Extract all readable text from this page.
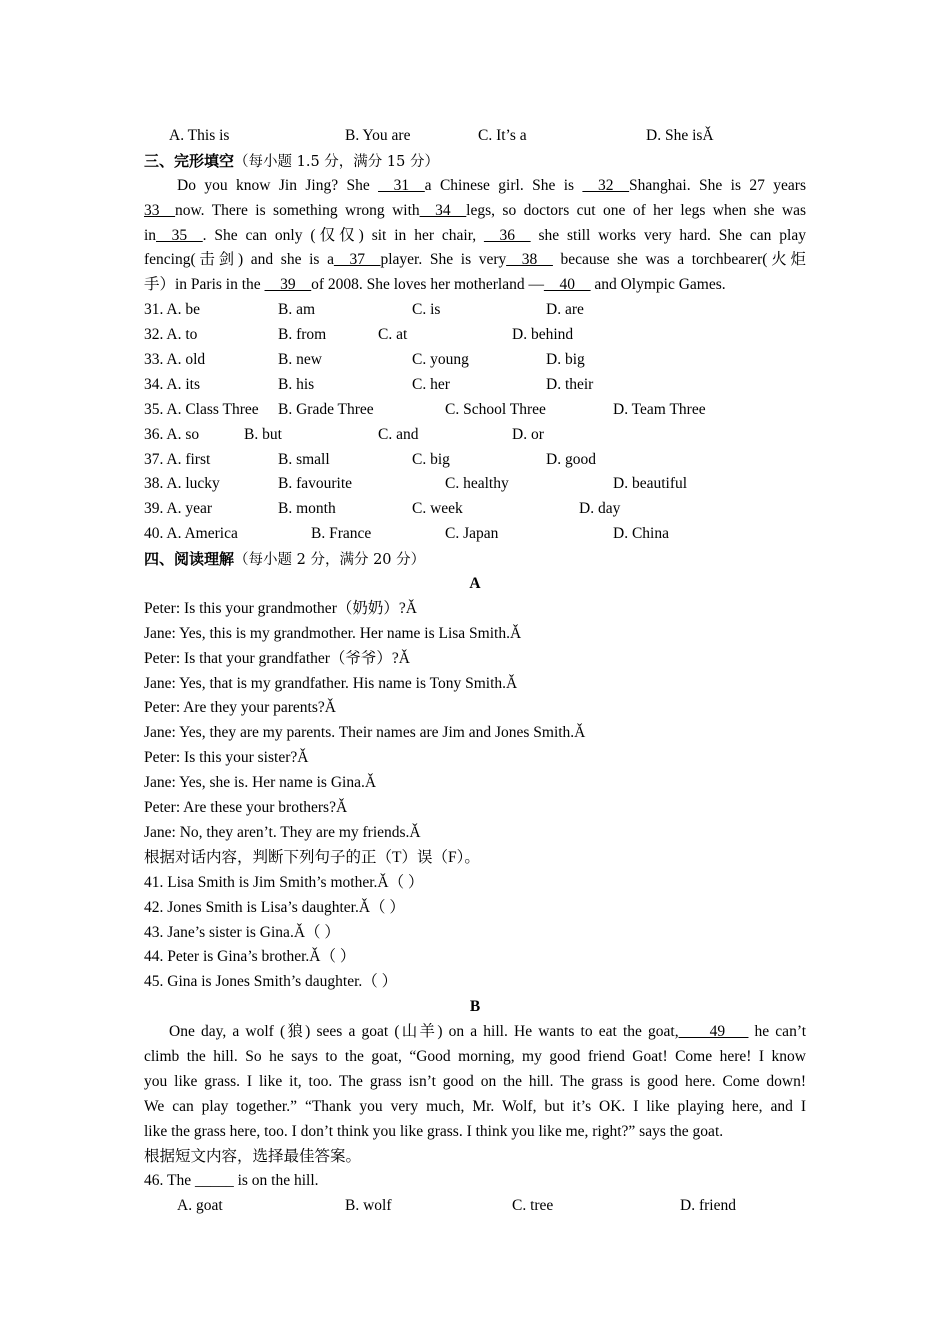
A. This is	B. You are	C. It’s a	D. She isǍ
三、完形填空（每小题 1.5 分，满分 15 分）
Do you know Jin Jing? She __31__a Chinese girl. She is __32__Shanghai. She is 27 years
33__now. There is something wrong with__34__legs, so doctors cut one of her legs when she was
in__35__. She can only (仅仅) sit in her chair, __36__ she still works very hard. She can play
fencing(击剑) and she is a__37__player. She is very__38__ because she was a torchbearer(火炬
手）in Paris in the __39__of 2008. She loves her motherland —__40__ and Olympic Games.
31. A. be	B. am	C. is	D. are
32. A. to	B. from	C. at	D. behind
33. A. old	B. new	C. young	D. big
34. A. its	B. his	C. her	D. their
35. A. Class Three B. Grade Three	C. School Three	D. Team Three
36. A. so	B. but	C. and	D. or
37. A. first	B. small	C. big	D. good
38. A. lucky	B. favourite	C. healthy	D. beautiful
39. A. year	B. month	C. week	D. day
40. A. America	B. France	C. Japan	D. China
四、阅读理解（每小题 2 分，满分 20 分）
A
Peter: Is this your grandmother（奶奶）?Ǎ
Jane: Yes, this is my grandmother. Her name is Lisa Smith.Ǎ
Peter: Is that your grandfather（爷爷）?Ǎ
Jane: Yes, that is my grandfather. His name is Tony Smith.Ǎ
Peter: Are they your parents?Ǎ
Jane: Yes, they are my parents. Their names are Jim and Jones Smith.Ǎ
Peter: Is this your sister?Ǎ
Jane: Yes, she is. Her name is Gina.Ǎ
Peter: Are these your brothers?Ǎ
Jane: No, they aren’t. They are my friends.Ǎ
根据对话内容，判断下列句子的正（T）误（F）。
41. Lisa Smith is Jim Smith’s mother.Ǎ（ ）
42. Jones Smith is Lisa’s daughter.Ǎ（ ）
43. Jane’s sister is Gina.Ǎ（ ）
44. Peter is Gina’s brother.Ǎ（ ）
45. Gina is Jones Smith’s daughter.（ ）
B
One day, a wolf (狼) sees a goat (山羊) on a hill. He wants to eat the goat,____49___ he can’t
climb the hill. So he says to the goat, “Good morning, my good friend Goat! Come here! I know
you like grass. I like it, too. The grass isn’t good on the hill. The grass is good here. Come down!
We can play together.” “Thank you very much, Mr. Wolf, but it’s OK. I like playing here, and I
like the grass here, too. I don’t think you like grass. I think you like me, right?” says the goat.
根据短文内容，选择最佳答案。
46. The _____ is on the hill.
A. goat	B. wolf	C. tree	D. friend
